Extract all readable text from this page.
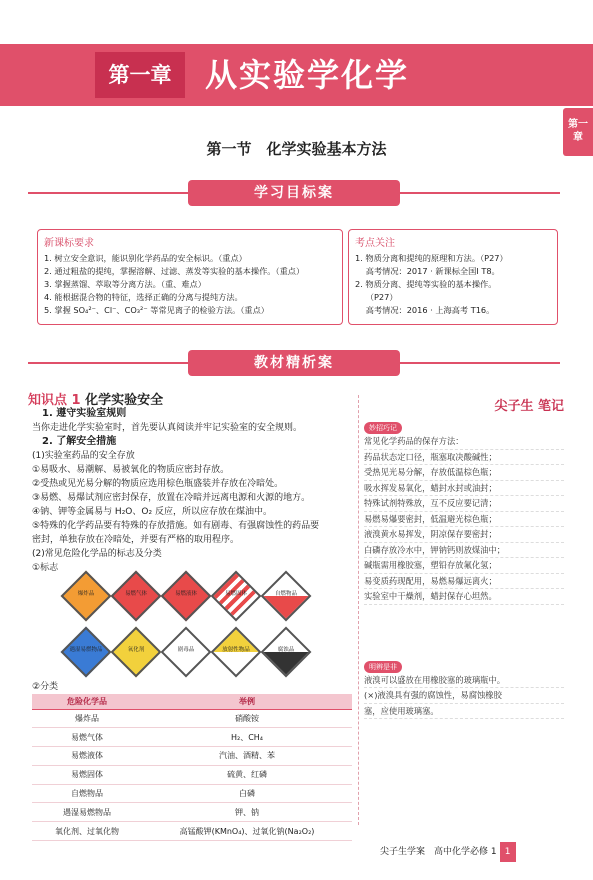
第一章	从实验学化学
第一
章
第一节　化学实验基本方法
学习目标案
新课标要求
1. 树立安全意识，能识别化学药品的安全标识。（重点）
2. 通过粗盐的提纯，掌握溶解、过滤、蒸发等实验的基本操作。（重点）
3. 掌握蒸馏、萃取等分离方法。（重、难点）
4. 能根据混合物的特征，选择正确的分离与提纯方法。
5. 掌握 SO₄²⁻、Cl⁻、CO₃²⁻ 等常见离子的检验方法。（重点）
考点关注
1. 物质分离和提纯的原理和方法。（P27）
　 高考情况：2017 · 新课标全国Ⅰ T8。
2. 物质分离、提纯等实验的基本操作。
　 （P27）
　 高考情况：2016 · 上海高考 T16。
教材精析案
知识点 1 化学实验安全
　1. 遵守实验室规则
当你走进化学实验室时，首先要认真阅读并牢记实验室的安全规则。
　2. 了解安全措施
(1)实验室药品的安全存放
①易吸水、易潮解、易被氧化的物质应密封存放。
②受热或见光易分解的物质应选用棕色瓶盛装并存放在冷暗处。
③易燃、易爆试剂应密封保存，放置在冷暗并远离电源和火源的地方。
④钠、钾等金属易与 H₂O、O₂ 反应，所以应存放在煤油中。
⑤特殊的化学药品要有特殊的存放措施。如有剧毒、有强腐蚀性的药品要
密封，单独存放在冷暗处，并要有严格的取用程序。
(2)常见危险化学品的标志及分类
①标志
爆炸品	易燃气体	易燃液体	易燃固体	自燃物品
遇湿易燃物品	氧化剂	剧毒品	放射性物品	腐蚀品
②分类
危险化学品	举例
爆炸品	硝酸铵
易燃气体	H₂、CH₄
易燃液体	汽油、酒精、苯
易燃固体	硫黄、红磷
自燃物品	白磷
遇湿易燃物品	钾、钠
氧化剂、过氧化物	高锰酸钾(KMnO₄)、过氧化钠(Na₂O₂)
尖子生 笔记
妙招巧记
常见化学药品的保存方法：
药品状态定口径，瓶塞取决酸碱性；
受热见光易分解，存放低温棕色瓶；
吸水挥发易氧化，蜡封水封或油封；
特殊试剂特殊放，互不反应要记清；
易燃易爆要密封，低温避光棕色瓶；
液溴黄水易挥发，阴凉保存要密封；
白磷存放冷水中，钾钠钙则放煤油中；
碱瓶需用橡胶塞，塑铅存放氟化氢；
易变质药现配用，易燃易爆远离火；
实验室中干燥剂，蜡封保存心坦然。
明辨是非
液溴可以盛放在用橡胶塞的玻璃瓶中。
(×)液溴具有强的腐蚀性，易腐蚀橡胶
塞，应使用玻璃塞。
尖子生学案　高中化学必修 1 1
